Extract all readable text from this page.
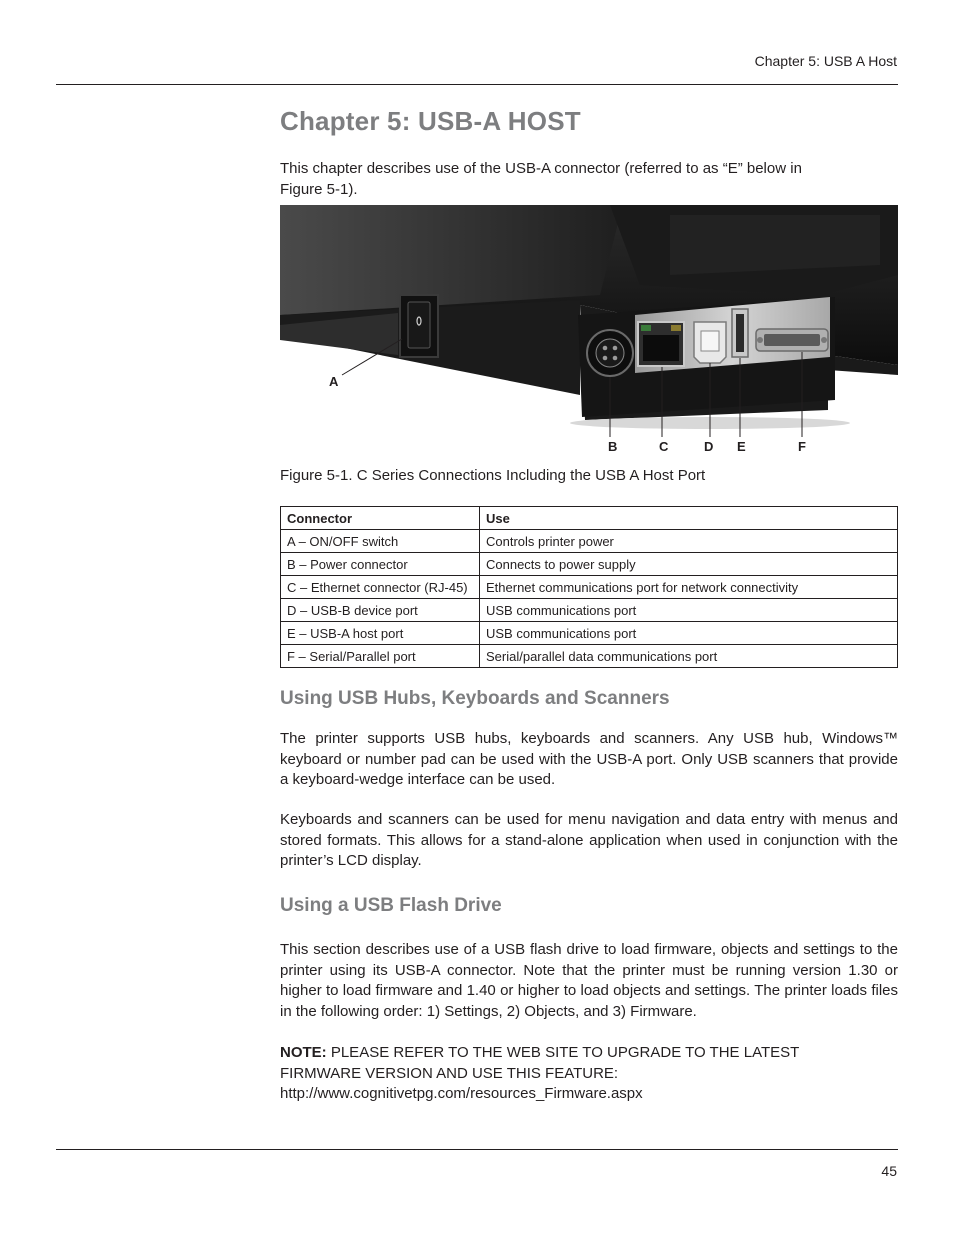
Chapter 5: USB A Host
Chapter 5: USB-A HOST

This chapter describes use of the USB-A connector (referred to as “E” below in Figure 5-1).

A
B	C	D E	F

Figure 5-1. C Series Connections Including the USB A Host Port

Connector	Use
A – ON/OFF switch	Controls printer power
B – Power connector	Connects to power supply
C – Ethernet connector (RJ-45)	Ethernet communications port for network connectivity
D – USB-B device port	USB communications port
E – USB-A host port	USB communications port
F – Serial/Parallel port	Serial/parallel data communications port
Using USB Hubs, Keyboards and Scanners

The printer supports USB hubs, keyboards and scanners. Any USB hub, Windows™ keyboard or number pad can be used with the USB-A port. Only USB scanners that provide a keyboard-wedge interface can be used.

Keyboards and scanners can be used for menu navigation and data entry with menus and stored formats. This allows for a stand-alone application when used in conjunction with the printer’s LCD display.

Using a USB Flash Drive

This section describes use of a USB flash drive to load firmware, objects and settings to the printer using its USB-A connector. Note that the printer must be running version 1.30 or higher to load firmware and 1.40 or higher to load objects and settings. The printer loads files in the following order: 1) Settings, 2) Objects, and 3) Firmware.

NOTE: PLEASE REFER TO THE WEB SITE TO UPGRADE TO THE LATEST FIRMWARE VERSION AND USE THIS FEATURE:

http://www.cognitivetpg.com/resources_Firmware.aspx

45
